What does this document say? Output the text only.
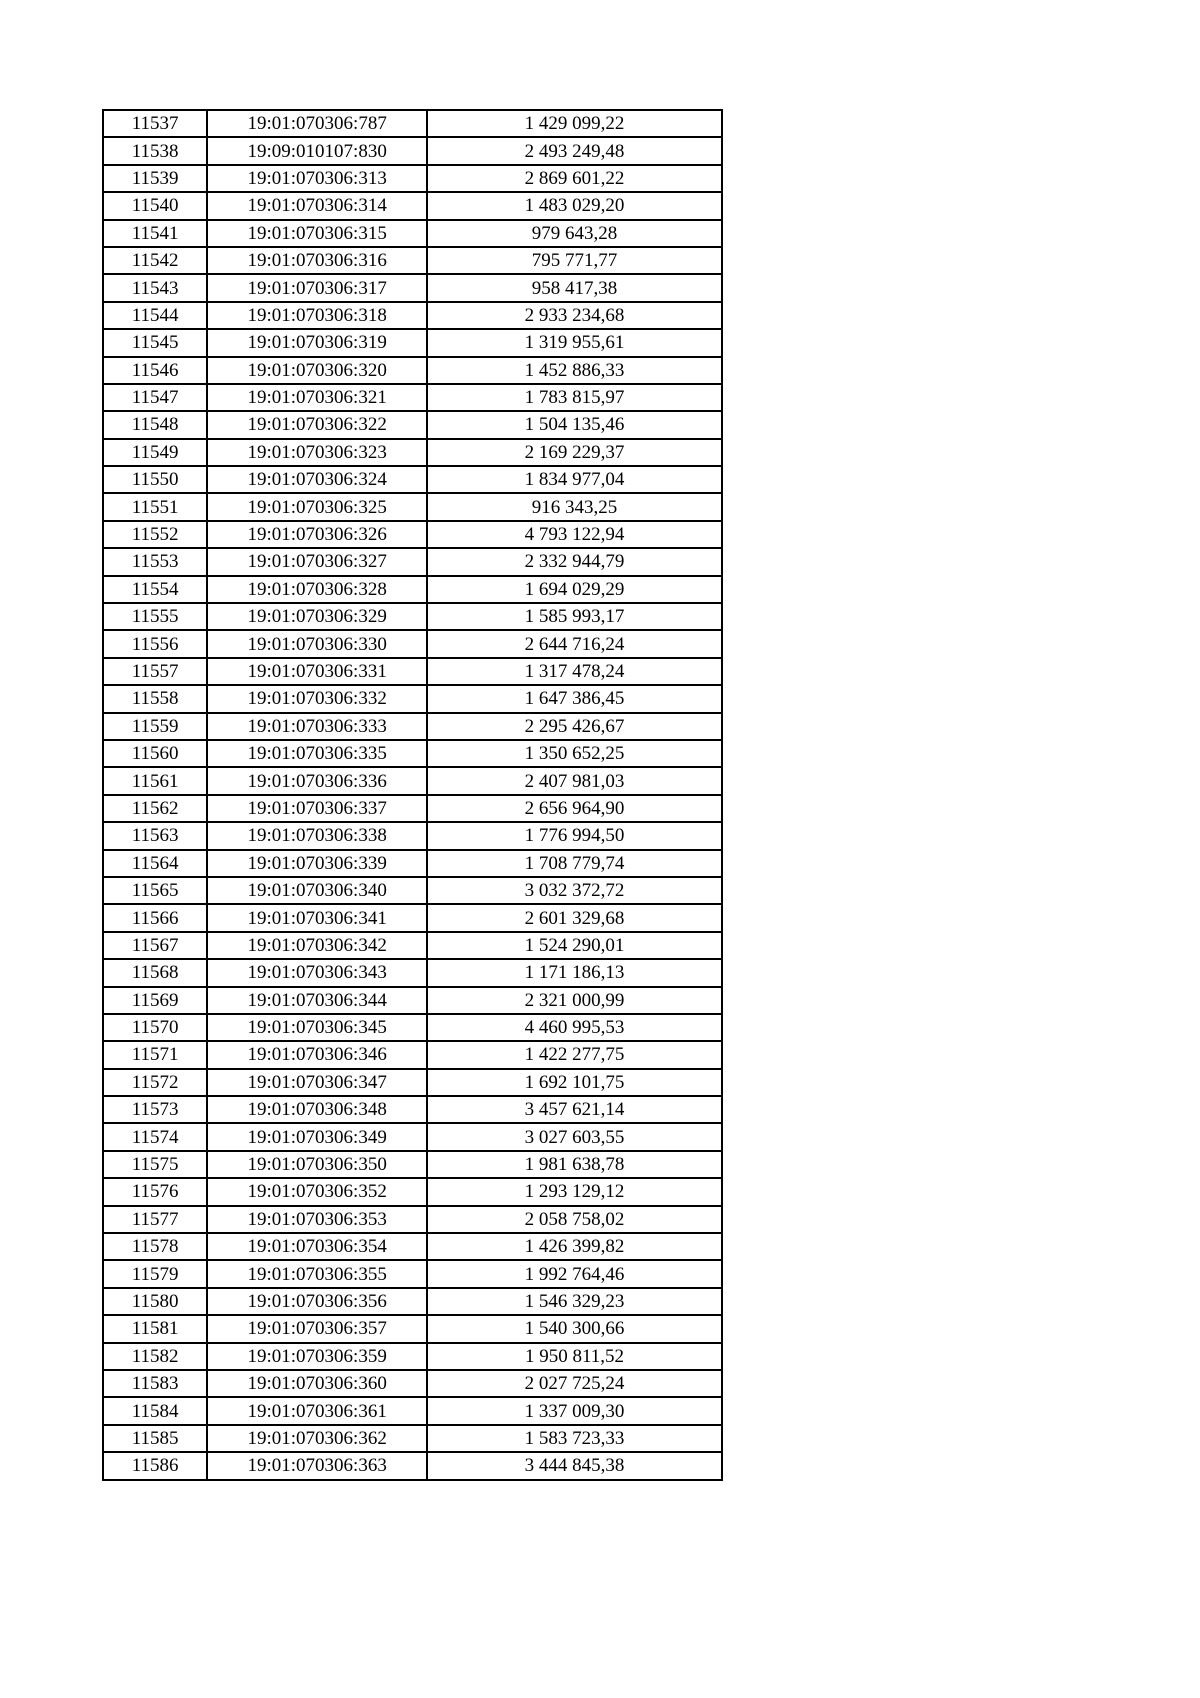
11537	19:01:070306:787	1 429 099,22
11538	19:09:010107:830	2 493 249,48
11539	19:01:070306:313	2 869 601,22
11540	19:01:070306:314	1 483 029,20
11541	19:01:070306:315	979 643,28
11542	19:01:070306:316	795 771,77
11543	19:01:070306:317	958 417,38
11544	19:01:070306:318	2 933 234,68
11545	19:01:070306:319	1 319 955,61
11546	19:01:070306:320	1 452 886,33
11547	19:01:070306:321	1 783 815,97
11548	19:01:070306:322	1 504 135,46
11549	19:01:070306:323	2 169 229,37
11550	19:01:070306:324	1 834 977,04
11551	19:01:070306:325	916 343,25
11552	19:01:070306:326	4 793 122,94
11553	19:01:070306:327	2 332 944,79
11554	19:01:070306:328	1 694 029,29
11555	19:01:070306:329	1 585 993,17
11556	19:01:070306:330	2 644 716,24
11557	19:01:070306:331	1 317 478,24
11558	19:01:070306:332	1 647 386,45
11559	19:01:070306:333	2 295 426,67
11560	19:01:070306:335	1 350 652,25
11561	19:01:070306:336	2 407 981,03
11562	19:01:070306:337	2 656 964,90
11563	19:01:070306:338	1 776 994,50
11564	19:01:070306:339	1 708 779,74
11565	19:01:070306:340	3 032 372,72
11566	19:01:070306:341	2 601 329,68
11567	19:01:070306:342	1 524 290,01
11568	19:01:070306:343	1 171 186,13
11569	19:01:070306:344	2 321 000,99
11570	19:01:070306:345	4 460 995,53
11571	19:01:070306:346	1 422 277,75
11572	19:01:070306:347	1 692 101,75
11573	19:01:070306:348	3 457 621,14
11574	19:01:070306:349	3 027 603,55
11575	19:01:070306:350	1 981 638,78
11576	19:01:070306:352	1 293 129,12
11577	19:01:070306:353	2 058 758,02
11578	19:01:070306:354	1 426 399,82
11579	19:01:070306:355	1 992 764,46
11580	19:01:070306:356	1 546 329,23
11581	19:01:070306:357	1 540 300,66
11582	19:01:070306:359	1 950 811,52
11583	19:01:070306:360	2 027 725,24
11584	19:01:070306:361	1 337 009,30
11585	19:01:070306:362	1 583 723,33
11586	19:01:070306:363	3 444 845,38
